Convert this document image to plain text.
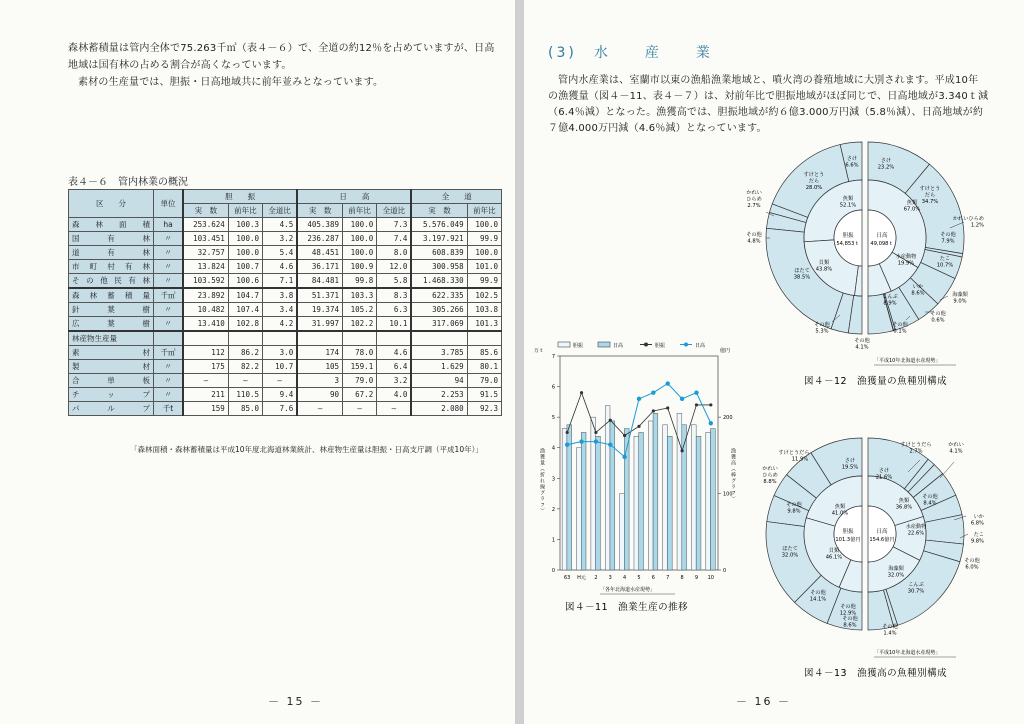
森林蓄積量は管内全体で75.263千㎥（表４－６）で、全道の約12％を占めていますが、日高
地域は国有林の占める割合が高くなっています。
素材の生産量では、胆振・日高地域共に前年並みとなっています。
表４－６　管内林業の概況
区　　分	単位	胆　　振			日　　高			全　　道	
		実　数	前年比	全道比	実　数	前年比	全道比	実　数	前年比
森林面積	ha	253.624	100.3	4.5	405.389	100.0	7.3	5.576.049	100.0
国有林	〃	103.451	100.0	3.2	236.287	100.0	7.4	3.197.921	99.9
道有林	〃	32.757	100.0	5.4	48.451	100.0	8.0	608.839	100.0
市町村有林	〃	13.824	100.7	4.6	36.171	100.9	12.0	300.958	101.0
その他民有林	〃	103.592	100.6	7.1	84.481	99.8	5.8	1.468.330	99.9
森林蓄積量	千㎥	23.892	104.7	3.8	51.371	103.3	8.3	622.335	102.5
針葉樹	〃	10.482	107.4	3.4	19.374	105.2	6.3	305.266	103.8
広葉樹	〃	13.410	102.8	4.2	31.997	102.2	10.1	317.069	101.3
林産物生産量									
素材	千㎥	112	86.2	3.0	174	78.0	4.6	3.785	85.6
製材	〃	175	82.2	10.7	105	159.1	6.4	1.629	80.1
合単板	〃	—	—	—	3	79.0	3.2	94	79.0
チップ	〃	211	110.5	9.4	90	67.2	4.0	2.253	91.5
パルプ	千t	159	85.0	7.6	—	—	—	2.080	92.3
「森林面積・森林蓄積量は平成10年度北海道林業統計、林産物生産量は胆振・日高支庁調（平成10年）」
－ 15 －	－ 16 －
(3)　水　　産　　業
管内水産業は、室蘭市以東の漁船漁業地域と、噴火湾の養殖地域に大別されます。平成10年
の漁獲量（図４－11、表４－７）は、対前年比で胆振地域がほぼ同じで、日高地域が3.340ｔ減
（6.4％減）となった。漁獲高では、胆振地域が約６億3.000万円減（5.8％減）、日高地域が約
７億4.000万円減（4.6％減）となっています。
胆振	日高	胆振	日高
0
1
2
3
4
5
6
7
万ｔ
0
100
200
億円
漁獲量（折れ線グラフ）	漁獲高（棒グラフ）
63 H元 2 3 4 5 6 7 8 9 10
「各年北海道水産現勢」
図４－11　漁業生産の推移
胆振
54,853ｔ
さけ
6.6%
すけとう
だら
28.0%
かれい
ひらめ
2.7%
その他
4.8%
ほたて
38.5%
その他
5.3%
その他
4.1%
魚類
52.1%
貝類
43.8%
日高
49,098ｔ
さけ
23.2%
すけとう
だら
34.7%
かれいひらめ
1.2%
その他
7.9%
たこ
10.7%
いか
8.6%	海藻類
9.0%
その他
0.6%
その他
0.1%
こんぶ
8.9%
魚類
67.0%
水産動物
19.9%
「平成10年北海道水産現勢」
図４－12　漁獲量の魚種別構成
胆振
101.3億円
さけ
19.5%
すけとうだら
11.9%
かれい
ひらめ
8.8%
その他
9.8%
ほたて
32.0%
その他
14.1%
その他
12.9%
魚類
41.0%
貝類
46.1%
日高
154.6億円
さけ
21.6%
すけとうだら
2.7%
かれい
4.1%
その他
8.4%
いか
6.8%
たこ
9.8%
その他
6.0%
こんぶ
30.7%
その他
1.4%
その他
8.6%
魚類
36.8%
水産動物
22.6%
海藻類
32.0%
「平成10年北海道水産現勢」
図４－13　漁獲高の魚種別構成
